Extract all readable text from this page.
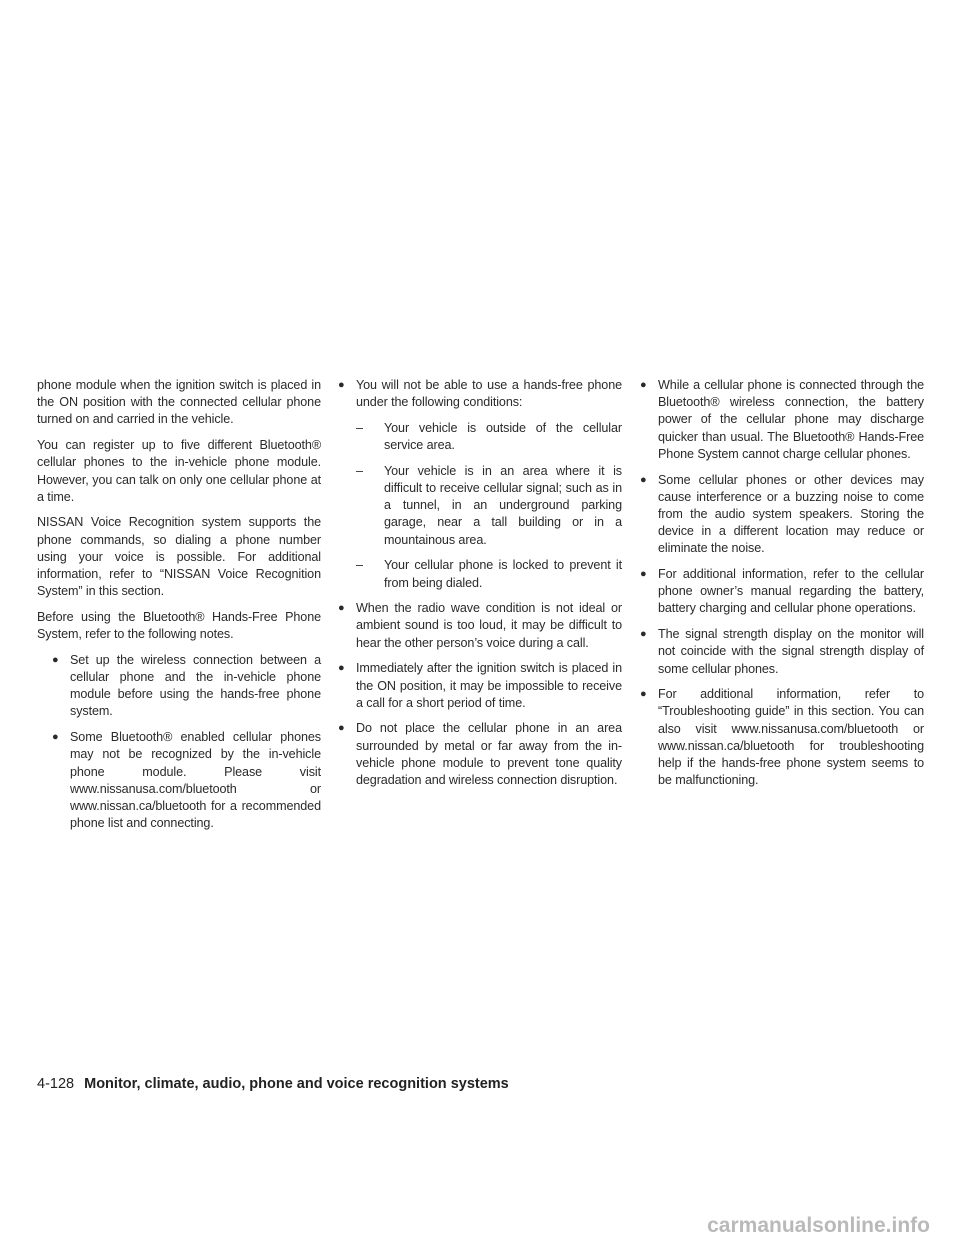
phone module when the ignition switch is placed in the ON position with the connected cellular phone turned on and carried in the vehicle.

You can register up to five different Bluetooth® cellular phones to the in-vehicle phone module. However, you can talk on only one cellular phone at a time.

NISSAN Voice Recognition system supports the phone commands, so dialing a phone number using your voice is possible. For additional information, refer to “NISSAN Voice Recognition System” in this section.

Before using the Bluetooth® Hands-Free Phone System, refer to the following notes.

● Set up the wireless connection between a cellular phone and the in-vehicle phone module before using the hands-free phone system.
● Some Bluetooth® enabled cellular phones may not be recognized by the in-vehicle phone module. Please visit www.nissanusa.com/bluetooth or www.nissan.ca/bluetooth for a recommended phone list and connecting.
● You will not be able to use a hands-free phone under the following conditions:
– Your vehicle is outside of the cellular service area.
– Your vehicle is in an area where it is difficult to receive cellular signal; such as in a tunnel, in an underground parking garage, near a tall building or in a mountainous area.
– Your cellular phone is locked to prevent it from being dialed.
● When the radio wave condition is not ideal or ambient sound is too loud, it may be difficult to hear the other person’s voice during a call.
● Immediately after the ignition switch is placed in the ON position, it may be impossible to receive a call for a short period of time.
● Do not place the cellular phone in an area surrounded by metal or far away from the in-vehicle phone module to prevent tone quality degradation and wireless connection disruption.
● While a cellular phone is connected through the Bluetooth® wireless connection, the battery power of the cellular phone may discharge quicker than usual. The Bluetooth® Hands-Free Phone System cannot charge cellular phones.
● Some cellular phones or other devices may cause interference or a buzzing noise to come from the audio system speakers. Storing the device in a different location may reduce or eliminate the noise.
● For additional information, refer to the cellular phone owner’s manual regarding the battery, battery charging and cellular phone operations.
● The signal strength display on the monitor will not coincide with the signal strength display of some cellular phones.
● For additional information, refer to “Troubleshooting guide” in this section. You can also visit www.nissanusa.com/bluetooth or www.nissan.ca/bluetooth for troubleshooting help if the hands-free phone system seems to be malfunctioning.
4-128 Monitor, climate, audio, phone and voice recognition systems
carmanualsonline.info
